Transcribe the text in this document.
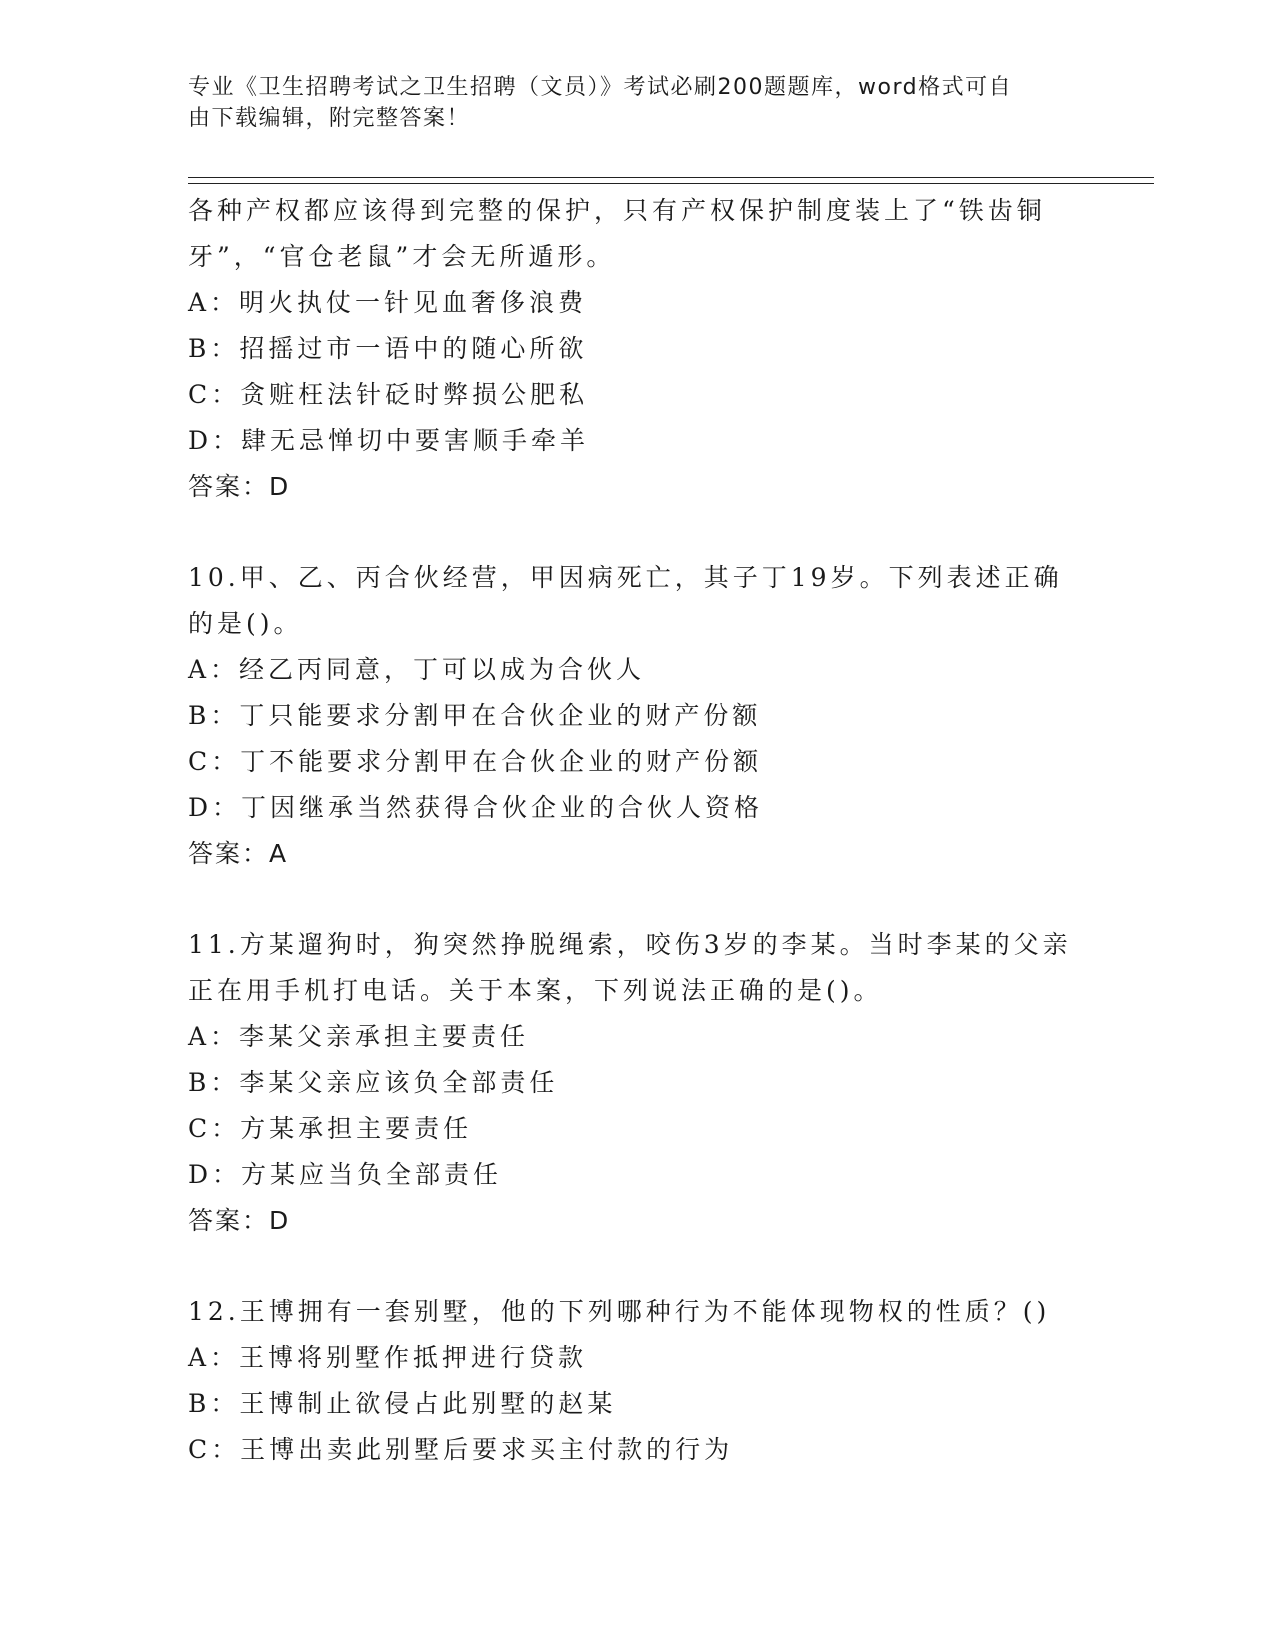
专业《卫生招聘考试之卫生招聘（文员）》考试必刷200题题库，word格式可自
由下载编辑，附完整答案！
各种产权都应该得到完整的保护，只有产权保护制度装上了“铁齿铜
牙”，“官仓老鼠”才会无所遁形。
A：明火执仗一针见血奢侈浪费
B：招摇过市一语中的随心所欲
C：贪赃枉法针砭时弊损公肥私
D：肆无忌惮切中要害顺手牵羊
答案：D
10.甲、乙、丙合伙经营，甲因病死亡，其子丁19岁。下列表述正确
的是()。
A：经乙丙同意，丁可以成为合伙人
B：丁只能要求分割甲在合伙企业的财产份额
C：丁不能要求分割甲在合伙企业的财产份额
D：丁因继承当然获得合伙企业的合伙人资格
答案：A
11.方某遛狗时，狗突然挣脱绳索，咬伤3岁的李某。当时李某的父亲
正在用手机打电话。关于本案，下列说法正确的是()。
A：李某父亲承担主要责任
B：李某父亲应该负全部责任
C：方某承担主要责任
D：方某应当负全部责任
答案：D
12.王博拥有一套别墅，他的下列哪种行为不能体现物权的性质？()
A：王博将别墅作抵押进行贷款
B：王博制止欲侵占此别墅的赵某
C：王博出卖此别墅后要求买主付款的行为
